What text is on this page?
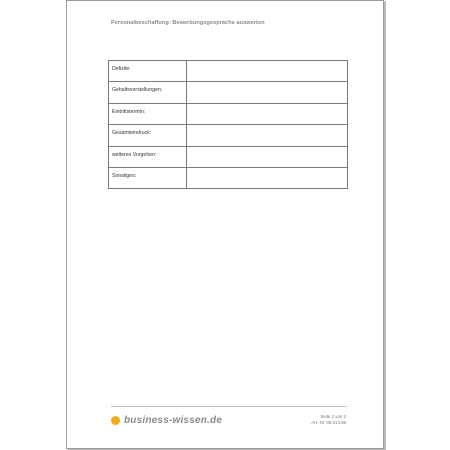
Personalbeschaffung: Bewerbungsgespräche auswerten
Defizite:	

Gehaltsvorstellungen:	

Eintrittstermin:	

Gesamteindruck:	

weiteres Vorgehen:	

Sonstiges:	

business-wissen.de	Seite 2 von 2
Art.-Nr. 09.014.06
